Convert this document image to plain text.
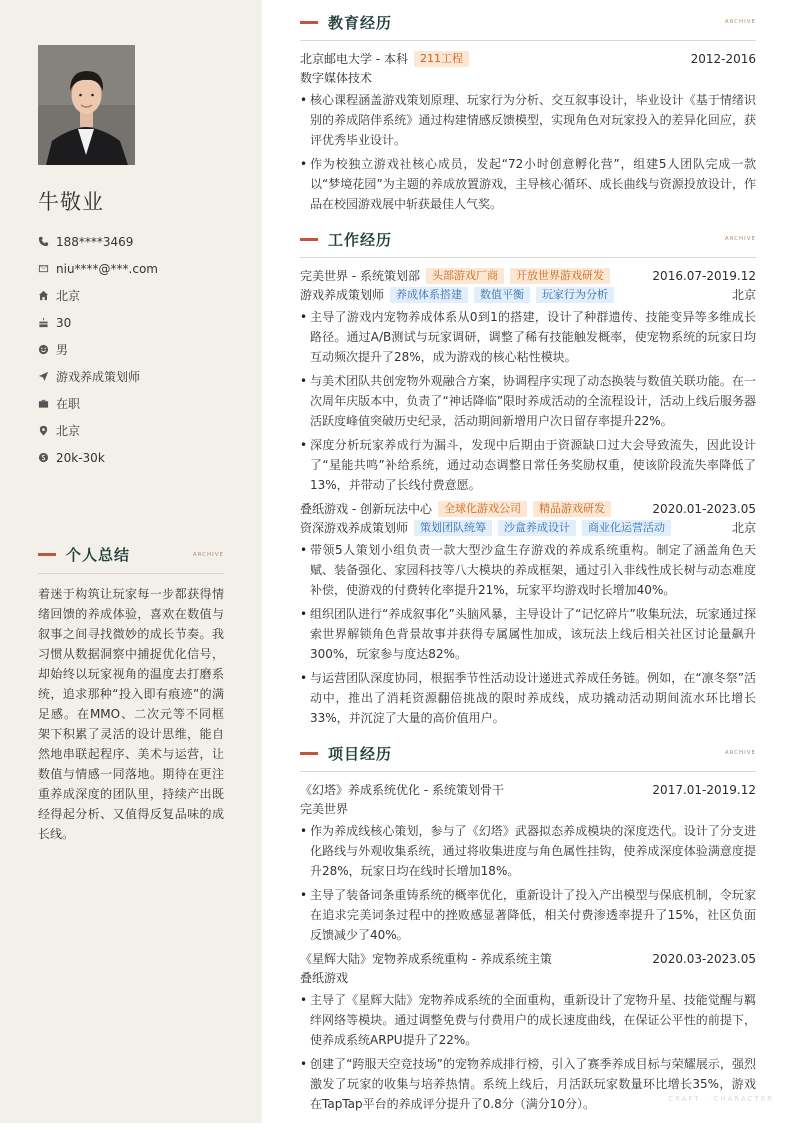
牛敬业
188****3469
niu****@***.com
北京
30
男
游戏养成策划师
在职
北京
20k-30k
个人总结	ARCHIVE
着迷于构筑让玩家每一步都获得情绪回馈的养成体验，喜欢在数值与叙事之间寻找微妙的成长节奏。我习惯从数据洞察中捕捉优化信号，却始终以玩家视角的温度去打磨系统，追求那种“投入即有痕迹”的满足感。在MMO、二次元等不同框架下积累了灵活的设计思维，能自然地串联起程序、美术与运营，让数值与情感一同落地。期待在更注重养成深度的团队里，持续产出既经得起分析、又值得反复品味的成长线。
教育经历	ARCHIVE
北京邮电大学 - 本科	211工程	2012-2016
数字媒体技术
• 核心课程涵盖游戏策划原理、玩家行为分析、交互叙事设计，毕业设计《基于情绪识别的养成陪伴系统》通过构建情感反馈模型，实现角色对玩家投入的差异化回应，获评优秀毕业设计。
• 作为校独立游戏社核心成员，发起“72小时创意孵化营”，组建5人团队完成一款以“梦境花园”为主题的养成放置游戏，主导核心循环、成长曲线与资源投放设计，作品在校园游戏展中斩获最佳人气奖。
工作经历	ARCHIVE
完美世界 - 系统策划部	头部游戏厂商	开放世界游戏研发	2016.07-2019.12
游戏养成策划师	养成体系搭建	数值平衡	玩家行为分析	北京
• 主导了游戏内宠物养成体系从0到1的搭建，设计了种群遗传、技能变异等多维成长路径。通过A/B测试与玩家调研，调整了稀有技能触发概率，使宠物系统的玩家日均互动频次提升了28%，成为游戏的核心粘性模块。
• 与美术团队共创宠物外观融合方案，协调程序实现了动态换装与数值关联功能。在一次周年庆版本中，负责了“神话降临”限时养成活动的全流程设计，活动上线后服务器活跃度峰值突破历史纪录，活动期间新增用户次日留存率提升22%。
• 深度分析玩家养成行为漏斗，发现中后期由于资源缺口过大会导致流失，因此设计了“星能共鸣”补给系统，通过动态调整日常任务奖励权重，使该阶段流失率降低了13%，并带动了长线付费意愿。
叠纸游戏 - 创新玩法中心	全球化游戏公司	精品游戏研发	2020.01-2023.05
资深游戏养成策划师	策划团队统筹	沙盒养成设计	商业化运营活动	北京
• 带领5人策划小组负责一款大型沙盒生存游戏的养成系统重构。制定了涵盖角色天赋、装备强化、家园科技等八大模块的养成框架，通过引入非线性成长树与动态难度补偿，使游戏的付费转化率提升21%，玩家平均游戏时长增加40%。
• 组织团队进行“养成叙事化”头脑风暴，主导设计了“记忆碎片”收集玩法，玩家通过探索世界解锁角色背景故事并获得专属属性加成，该玩法上线后相关社区讨论量飙升300%，玩家参与度达82%。
• 与运营团队深度协同，根据季节性活动设计递进式养成任务链。例如，在“凛冬祭”活动中，推出了消耗资源翻倍挑战的限时养成线，成功撬动活动期间流水环比增长33%，并沉淀了大量的高价值用户。
项目经历	ARCHIVE
《幻塔》养成系统优化 - 系统策划骨干	2017.01-2019.12
完美世界
• 作为养成线核心策划，参与了《幻塔》武器拟态养成模块的深度迭代。设计了分支进化路线与外观收集系统，通过将收集进度与角色属性挂钩，使养成深度体验满意度提升28%，玩家日均在线时长增加18%。
• 主导了装备词条重铸系统的概率优化，重新设计了投入产出模型与保底机制，令玩家在追求完美词条过程中的挫败感显著降低，相关付费渗透率提升了15%，社区负面反馈减少了40%。
《星辉大陆》宠物养成系统重构 - 养成系统主策	2020.03-2023.05
叠纸游戏
• 主导了《星辉大陆》宠物养成系统的全面重构，重新设计了宠物升星、技能觉醒与羁绊网络等模块。通过调整免费与付费用户的成长速度曲线，在保证公平性的前提下，使养成系统ARPU提升了22%。
• 创建了“跨服天空竞技场”的宠物养成排行榜，引入了赛季养成目标与荣耀展示，强烈激发了玩家的收集与培养热情。系统上线后，月活跃玩家数量环比增长35%，游戏在TapTap平台的养成评分提升了0.8分（满分10分）。	CRAFT · CHARACTER
